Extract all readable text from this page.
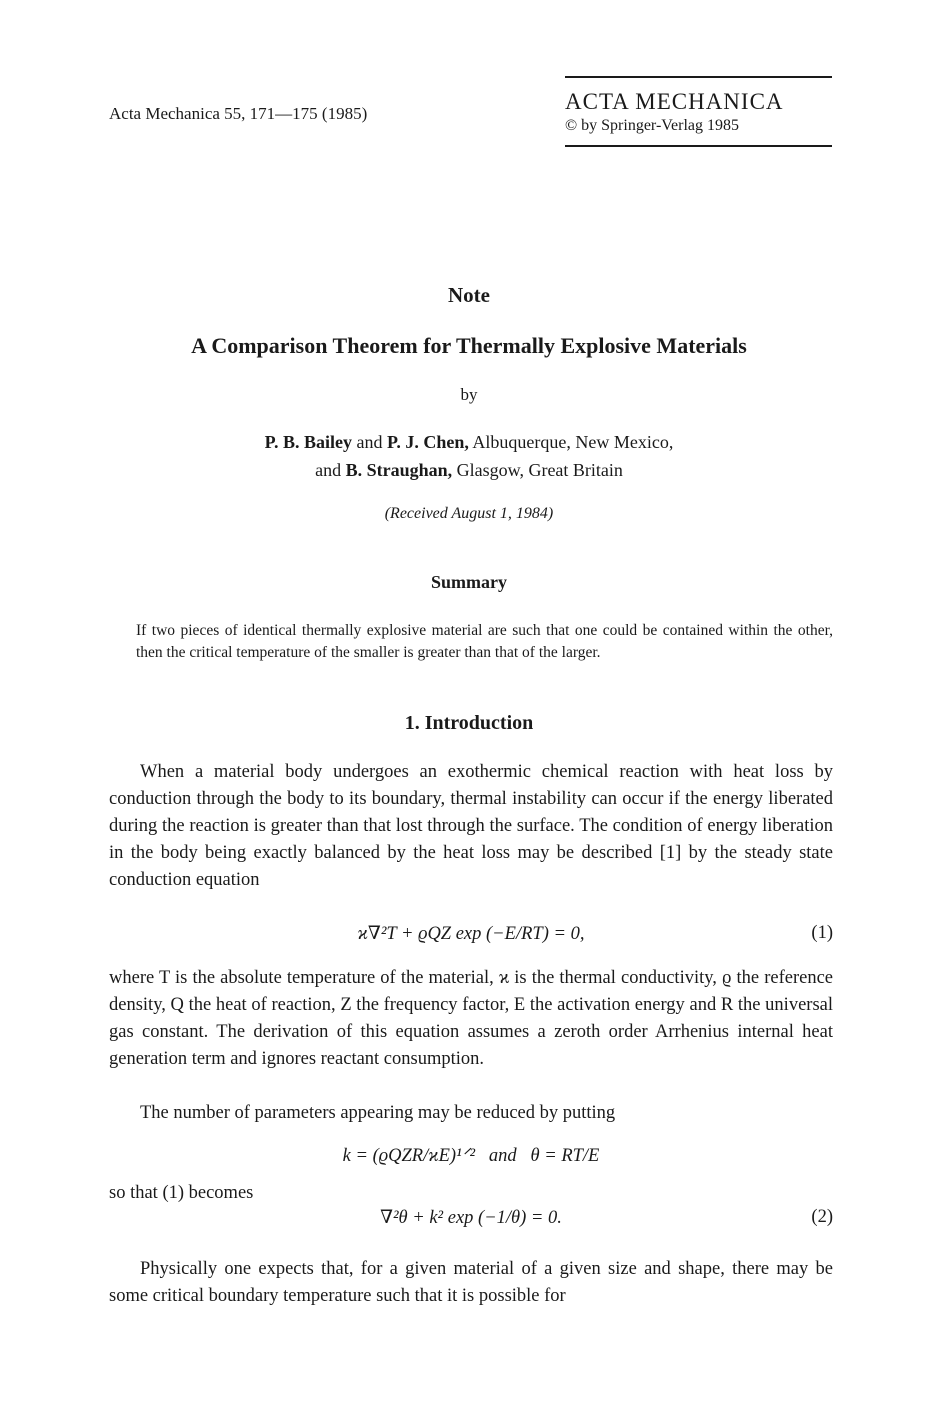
Acta Mechanica 55, 171—175 (1985)	ACTA MECHANICA
© by Springer-Verlag 1985
Note
A Comparison Theorem for Thermally Explosive Materials
by
P. B. Bailey and P. J. Chen, Albuquerque, New Mexico,
and B. Straughan, Glasgow, Great Britain
(Received August 1, 1984)
Summary
If two pieces of identical thermally explosive material are such that one could be contained within the other, then the critical temperature of the smaller is greater than that of the larger.
1. Introduction
When a material body undergoes an exothermic chemical reaction with heat loss by conduction through the body to its boundary, thermal instability can occur if the energy liberated during the reaction is greater than that lost through the surface. The condition of energy liberation in the body being exactly balanced by the heat loss may be described [1] by the steady state conduction equation
ϰ∇²T + ϱQZ exp (−E/RT) = 0,	(1)
where T is the absolute temperature of the material, ϰ is the thermal conductivity, ϱ the reference density, Q the heat of reaction, Z the frequency factor, E the activation energy and R the universal gas constant. The derivation of this equation assumes a zeroth order Arrhenius internal heat generation term and ignores reactant consumption.
The number of parameters appearing may be reduced by putting
k = (ϱQZR/ϰE)¹ᐟ²   and   θ = RT/E
so that (1) becomes
∇²θ + k² exp (−1/θ) = 0.	(2)
Physically one expects that, for a given material of a given size and shape, there may be some critical boundary temperature such that it is possible for
